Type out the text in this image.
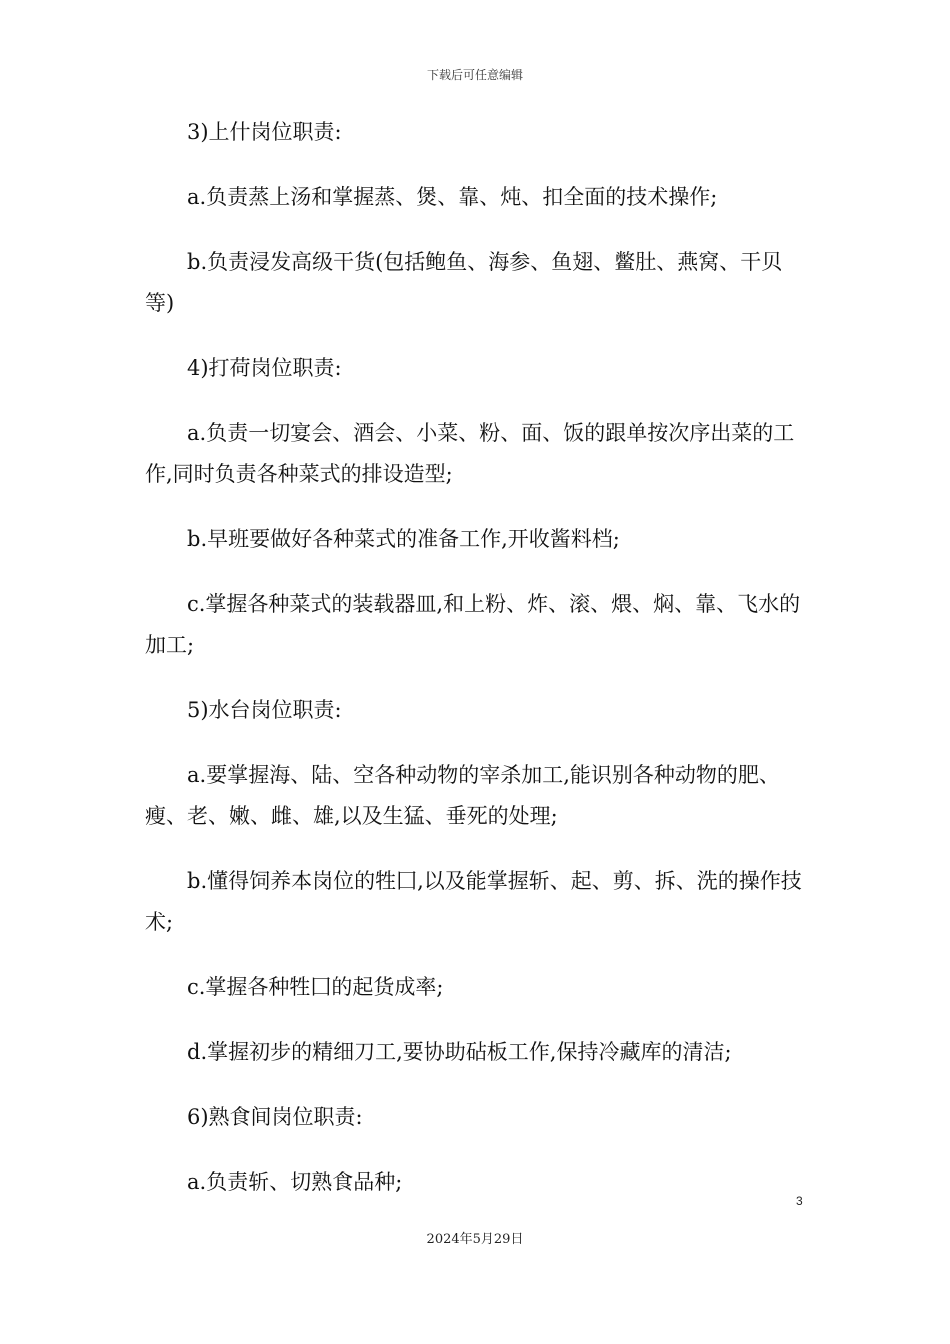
下载后可任意编辑

3)上什岗位职责:

a.负责蒸上汤和掌握蒸、煲、靠、炖、扣全面的技术操作;

b.负责浸发高级干货(包括鲍鱼、海参、鱼翅、鳖肚、燕窝、干贝等)

4)打荷岗位职责:

a.负责一切宴会、酒会、小菜、粉、面、饭的跟单按次序出菜的工作,同时负责各种菜式的排设造型;

b.早班要做好各种菜式的准备工作,开收酱料档;

c.掌握各种菜式的装载器皿,和上粉、炸、滚、煨、焖、靠、飞水的加工;

5)水台岗位职责:

a.要掌握海、陆、空各种动物的宰杀加工,能识别各种动物的肥、瘦、老、嫩、雌、雄,以及生猛、垂死的处理;

b.懂得饲养本岗位的牲囗,以及能掌握斩、起、剪、拆、洗的操作技术;

c.掌握各种牲囗的起货成率;

d.掌握初步的精细刀工,要协助砧板工作,保持冷藏库的清洁;

6)熟食间岗位职责:

a.负责斩、切熟食品种;

3
2024年5月29日
